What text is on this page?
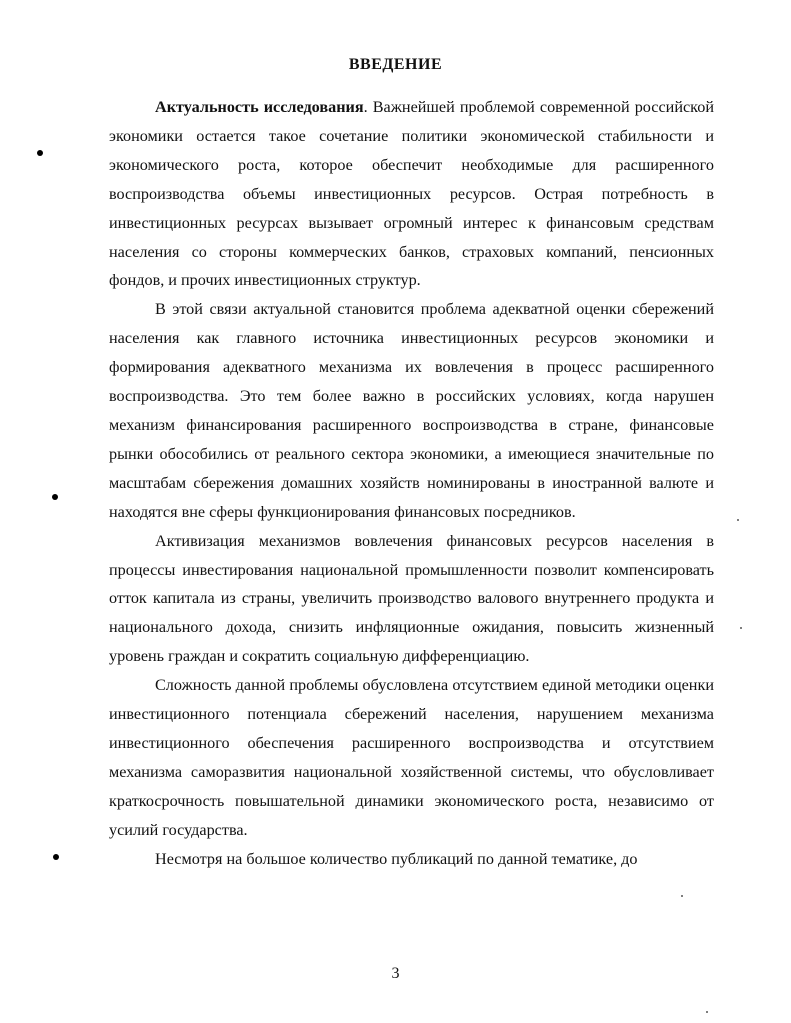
ВВЕДЕНИЕ

Актуальность исследования. Важнейшей проблемой современной российской экономики остается такое сочетание политики экономической стабильности и экономического роста, которое обеспечит необходимые для расширенного воспроизводства объемы инвестиционных ресурсов. Острая потребность в инвестиционных ресурсах вызывает огромный интерес к финансовым средствам населения со стороны коммерческих банков, страховых компаний, пенсионных фондов, и прочих инвестиционных структур.

В этой связи актуальной становится проблема адекватной оценки сбережений населения как главного источника инвестиционных ресурсов экономики и формирования адекватного механизма их вовлечения в процесс расширенного воспроизводства. Это тем более важно в российских условиях, когда нарушен механизм финансирования расширенного воспроизводства в стране, финансовые рынки обособились от реального сектора экономики, а имеющиеся значительные по масштабам сбережения домашних хозяйств номинированы в иностранной валюте и находятся вне сферы функционирования финансовых посредников.

Активизация механизмов вовлечения финансовых ресурсов населения в процессы инвестирования национальной промышленности позволит компенсировать отток капитала из страны, увеличить производство валового внутреннего продукта и национального дохода, снизить инфляционные ожидания, повысить жизненный уровень граждан и сократить социальную дифференциацию.

Сложность данной проблемы обусловлена отсутствием единой методики оценки инвестиционного потенциала сбережений населения, нарушением механизма инвестиционного обеспечения расширенного воспроизводства и отсутствием механизма саморазвития национальной хозяйственной системы, что обусловливает краткосрочность повышательной динамики экономического роста, независимо от усилий государства.

Несмотря на большое количество публикаций по данной тематике, до

3
